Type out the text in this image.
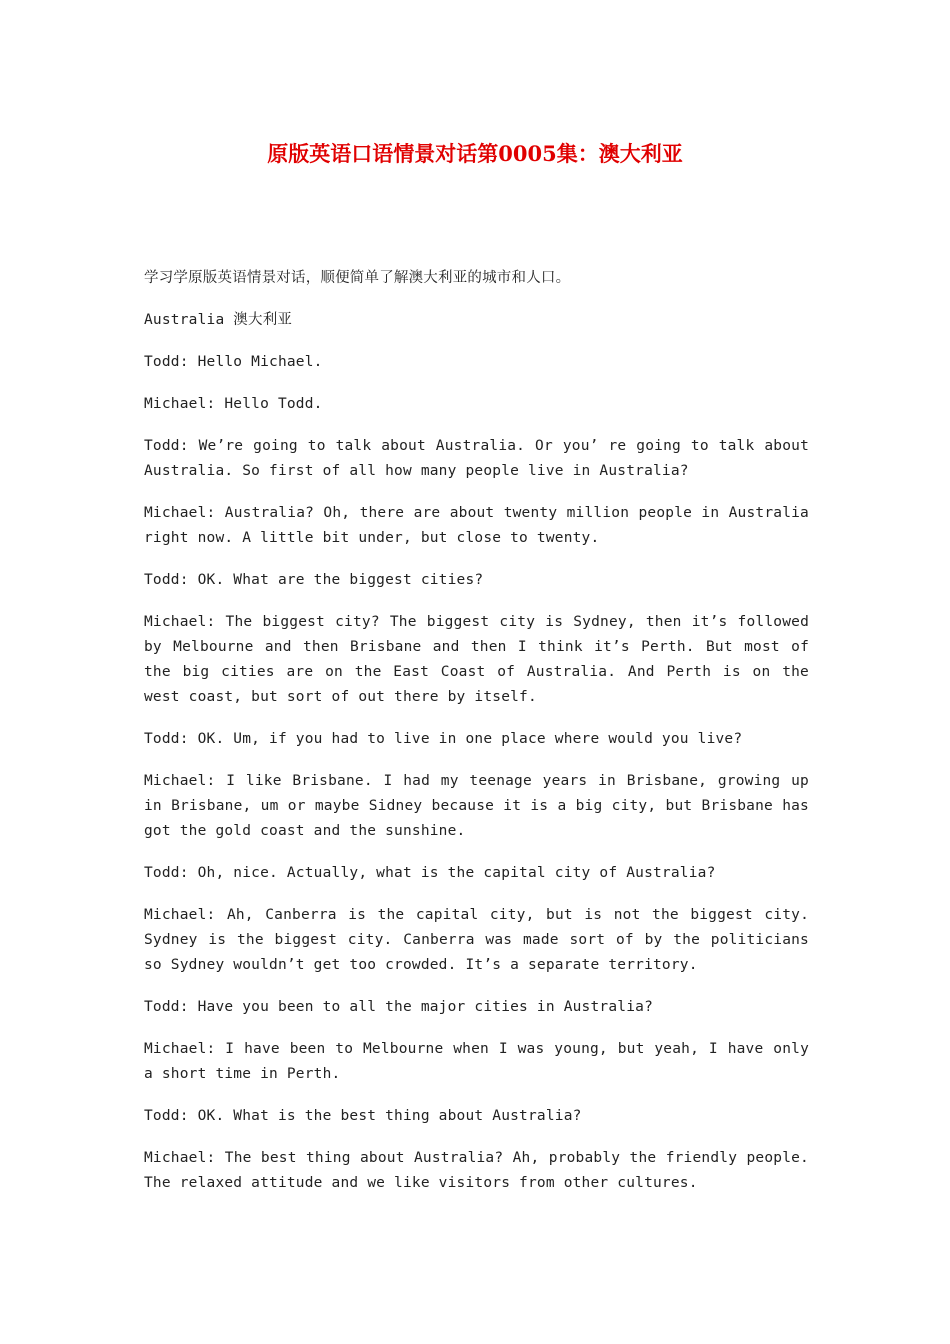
原版英语口语情景对话第0005集：澳大利亚

学习学原版英语情景对话，顺便简单了解澳大利亚的城市和人口。

Australia 澳大利亚

Todd: Hello Michael.

Michael: Hello Todd.

Todd: We’re going to talk about Australia. Or you’ re going to talk about Australia. So first of all how many people live in Australia?

Michael: Australia? Oh, there are about twenty million people in Australia right now. A little bit under, but close to twenty.

Todd: OK. What are the biggest cities?

Michael: The biggest city? The biggest city is Sydney, then it’s followed by Melbourne and then Brisbane and then I think it’s Perth. But most of the big cities are on the East Coast of Australia. And Perth is on the west coast, but sort of out there by itself.

Todd: OK. Um, if you had to live in one place where would you live?

Michael: I like Brisbane. I had my teenage years in Brisbane, growing up in Brisbane, um or maybe Sidney because it is a big city, but Brisbane has got the gold coast and the sunshine.

Todd: Oh, nice. Actually, what is the capital city of Australia?

Michael: Ah, Canberra is the capital city, but is not the biggest city. Sydney is the biggest city. Canberra was made sort of by the politicians so Sydney wouldn’t get too crowded. It’s a separate territory.

Todd: Have you been to all the major cities in Australia?

Michael: I have been to Melbourne when I was young, but yeah, I have only a short time in Perth.

Todd: OK. What is the best thing about Australia?

Michael: The best thing about Australia? Ah, probably the friendly people. The relaxed attitude and we like visitors from other cultures.
